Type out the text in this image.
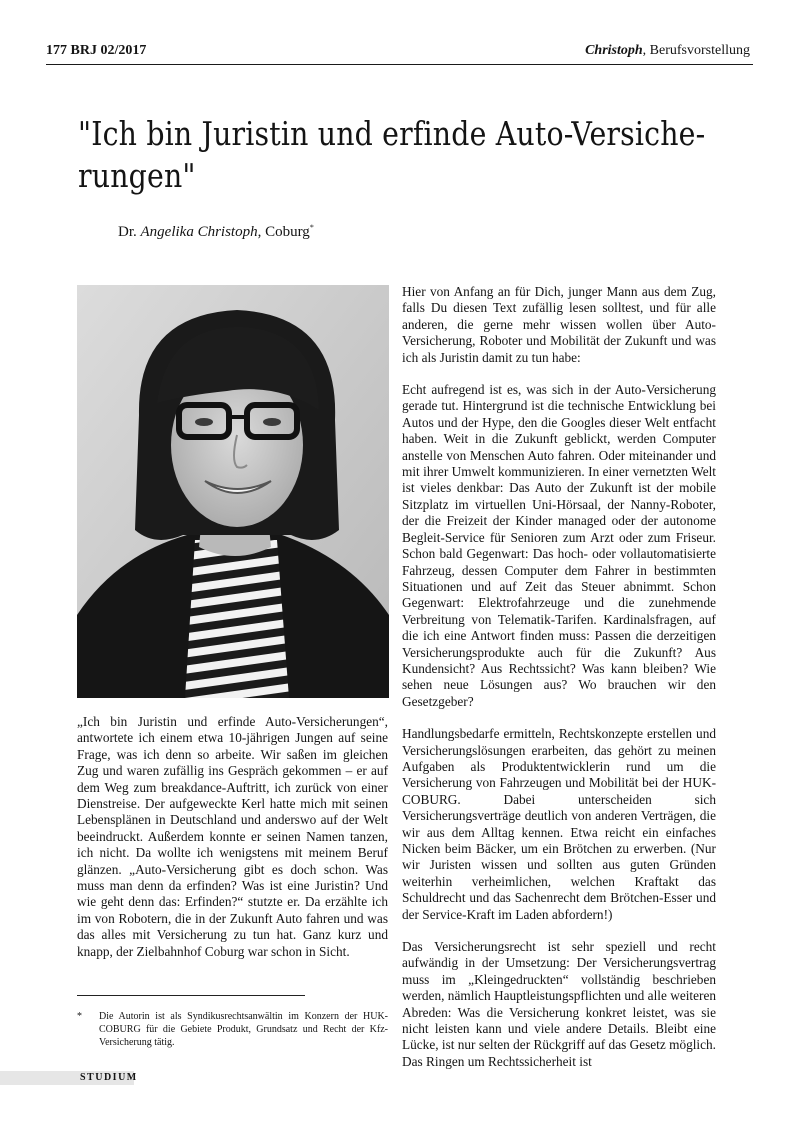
177 BRJ 02/2017	Christoph, Berufsvorstellung
"Ich bin Juristin und erfinde Auto-Versiche-rungen"
Dr. Angelika Christoph, Coburg*

„Ich bin Juristin und erfinde Auto-Versicherungen“, antwortete ich einem etwa 10-jährigen Jungen auf seine Frage, was ich denn so arbeite. Wir saßen im gleichen Zug und waren zufällig ins Gespräch gekommen – er auf dem Weg zum breakdance-Auftritt, ich zurück von einer Dienstreise. Der aufgeweckte Kerl hatte mich mit seinen Lebensplänen in Deutschland und anderswo auf der Welt beeindruckt. Außerdem konnte er seinen Namen tanzen, ich nicht. Da wollte ich wenigstens mit meinem Beruf glänzen. „Auto-Versicherung gibt es doch schon. Was muss man denn da erfinden? Was ist eine Juristin? Und wie geht denn das: Erfinden?“ stutzte er. Da erzählte ich im von Robotern, die in der Zukunft Auto fahren und was das alles mit Versicherung zu tun hat. Ganz kurz und knapp, der Zielbahnhof Coburg war schon in Sicht.

Hier von Anfang an für Dich, junger Mann aus dem Zug, falls Du diesen Text zufällig lesen solltest, und für alle anderen, die gerne mehr wissen wollen über Auto-Versicherung, Roboter und Mobilität der Zukunft und was ich als Juristin damit zu tun habe:

Echt aufregend ist es, was sich in der Auto-Versicherung gerade tut. Hintergrund ist die technische Entwicklung bei Autos und der Hype, den die Googles dieser Welt entfacht haben. Weit in die Zukunft geblickt, werden Computer anstelle von Menschen Auto fahren. Oder miteinander und mit ihrer Umwelt kommunizieren. In einer vernetzten Welt ist vieles denkbar: Das Auto der Zukunft ist der mobile Sitzplatz im virtuellen Uni-Hörsaal, der Nanny-Roboter, der die Freizeit der Kinder managed oder der autonome Begleit-Service für Senioren zum Arzt oder zum Friseur. Schon bald Gegenwart: Das hoch- oder vollautomatisierte Fahrzeug, dessen Computer dem Fahrer in bestimmten Situationen und auf Zeit das Steuer abnimmt. Schon Gegenwart: Elektrofahrzeuge und die zunehmende Verbreitung von Telematik-Tarifen. Kardinalsfragen, auf die ich eine Antwort finden muss: Passen die derzeitigen Versicherungsprodukte auch für die Zukunft? Aus Kundensicht? Aus Rechtssicht? Was kann bleiben? Wie sehen neue Lösungen aus? Wo brauchen wir den Gesetzgeber?

Handlungsbedarfe ermitteln, Rechtskonzepte erstellen und Versicherungslösungen erarbeiten, das gehört zu meinen Aufgaben als Produktentwicklerin rund um die Versicherung von Fahrzeugen und Mobilität bei der HUK-COBURG. Dabei unterscheiden sich Versicherungsverträge deutlich von anderen Verträgen, die wir aus dem Alltag kennen. Etwa reicht ein einfaches Nicken beim Bäcker, um ein Brötchen zu erwerben. (Nur wir Juristen wissen und sollten aus guten Gründen weiterhin verheimlichen, welchen Kraftakt das Schuldrecht und das Sachenrecht dem Brötchen-Esser und der Service-Kraft im Laden abfordern!)

Das Versicherungsrecht ist sehr speziell und recht aufwändig in der Umsetzung: Der Versicherungsvertrag muss im „Kleingedruckten“ vollständig beschrieben werden, nämlich Hauptleistungspflichten und alle weiteren Abreden: Was die Versicherung konkret leistet, was sie nicht leisten kann und viele andere Details. Bleibt eine Lücke, ist nur selten der Rückgriff auf das Gesetz möglich. Das Ringen um Rechtssicherheit ist

*	Die Autorin ist als Syndikusrechtsanwältin im Konzern der HUK-COBURG für die Gebiete Produkt, Grundsatz und Recht der Kfz-Versicherung tätig.
STUDIUM
